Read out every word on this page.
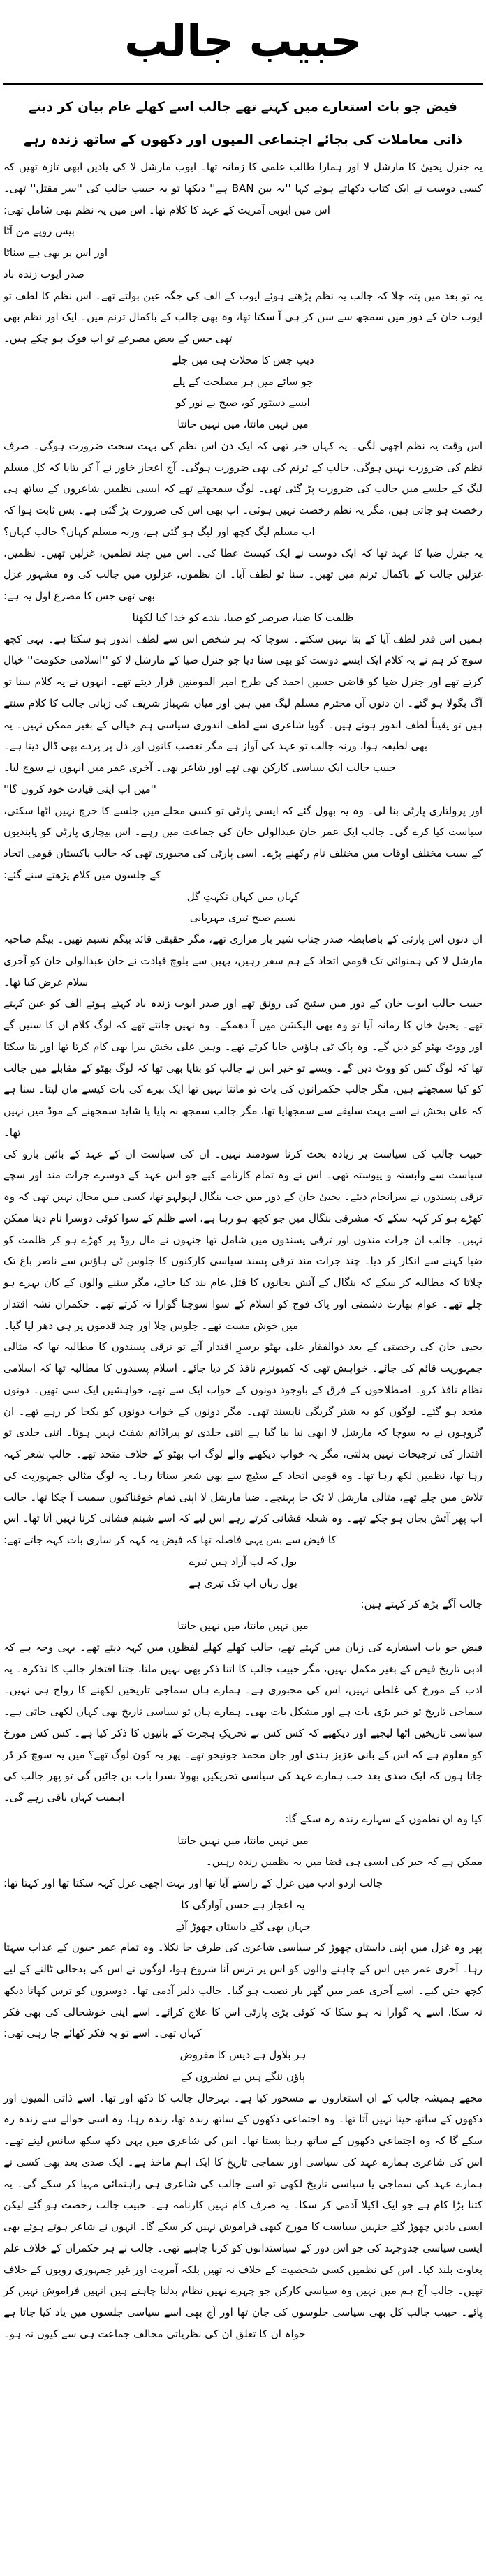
حبیب جالب

فیض جو بات استعارے میں کہتے تھے جالب اسے کھلے عام بیان کر دیتے

ذاتی معاملات کی بجائے اجتماعی المیوں اور دکھوں کے ساتھ زندہ رہے

یہ جنرل یحییٰ کا مارشل لا اور ہمارا طالب علمی کا زمانہ تھا۔ ایوب مارشل لا کی یادیں ابھی تازہ تھیں کہ کسی دوست نے ایک کتاب دکھاتے ہوئے کہا ''یہ بین BAN ہے'' دیکھا تو یہ حبیب جالب کی ''سر مقتل'' تھی۔ اس میں ایوبی آمریت کے عہد کا کلام تھا۔ اس میں یہ نظم بھی شامل تھی:

بیس روپے من آٹا
اور اس پر بھی ہے سناٹا
صدر ایوب زندہ باد

یہ تو بعد میں پتہ چلا کہ جالب یہ نظم پڑھتے ہوئے ایوب کے الف کی جگہ عین بولتے تھے۔ اس نظم کا لطف تو ایوب خان کے دور میں سمجھ سے سن کر ہی آ سکتا تھا، وہ بھی جالب کے باکمال ترنم میں۔ ایک اور نظم بھی تھی جس کے بعض مصرعے تو اب فوک ہو چکے ہیں۔

دیپ جس کا محلات ہی میں جلے
جو سائے میں ہر مصلحت کے پلے
ایسے دستور کو، صبح بے نور کو
میں نہیں مانتا، میں نہیں جانتا

اس وقت یہ نظم اچھی لگی۔ یہ کہاں خبر تھی کہ ایک دن اس نظم کی بہت سخت ضرورت ہوگی۔ صرف نظم کی ضرورت نہیں ہوگی، جالب کے ترنم کی بھی ضرورت ہوگی۔ آج اعجاز خاور نے آ کر بتایا کہ کل مسلم لیگ کے جلسے میں جالب کی ضرورت پڑ گئی تھی۔ لوگ سمجھتے تھے کہ ایسی نظمیں شاعروں کے ساتھ ہی رخصت ہو جاتی ہیں، مگر یہ نظم رخصت نہیں ہوئی۔ اب بھی اس کی ضرورت پڑ گئی ہے۔ بس ثابت ہوا کہ اب مسلم لیگ کچھ اور لیگ ہو گئی ہے، ورنہ مسلم کہاں؟ جالب کہاں؟

یہ جنرل ضیا کا عہد تھا کہ ایک دوست نے ایک کیسٹ عطا کی۔ اس میں چند نظمیں، غزلیں تھیں۔ نظمیں، غزلیں جالب کے باکمال ترنم میں تھیں۔ سنا تو لطف آیا۔ ان نظموں، غزلوں میں جالب کی وہ مشہور غزل بھی تھی جس کا مصرع اول یہ ہے:

ظلمت کا ضیا، صرصر کو صبا، بندے کو خدا کیا لکھنا

ہمیں اس قدر لطف آیا کے بتا نہیں سکتے۔ سوچا کہ ہر شخص اس سے لطف اندوز ہو سکتا ہے۔ یہی کچھ سوچ کر ہم نے یہ کلام ایک ایسے دوست کو بھی سنا دیا جو جنرل ضیا کے مارشل لا کو ''اسلامی حکومت'' خیال کرتے تھے اور جنرل ضیا کو قاضی حسین احمد کی طرح امیر المومنین قرار دیتے تھے۔ انہوں نے یہ کلام سنا تو آگ بگولا ہو گئے۔ ان دنوں آں محترم مسلم لیگ میں ہیں اور میاں شہباز شریف کی زبانی جالب کا کلام سنتے ہیں تو یقیناً لطف اندوز ہوتے ہیں۔ گویا شاعری سے لطف اندوزی سیاسی ہم خیالی کے بغیر ممکن نہیں۔ یہ بھی لطیفہ ہوا، ورنہ جالب تو عہد کی آواز ہے مگر تعصب کانوں اور دل پر پردے بھی ڈال دیتا ہے۔

حبیب جالب ایک سیاسی کارکن بھی تھے اور شاعر بھی۔ آخری عمر میں انہوں نے سوچ لیا۔

''میں اب اپنی قیادت خود کروں گا''

اور پرولتاری پارٹی بنا لی۔ وہ یہ بھول گئے کہ ایسی پارٹی تو کسی محلے میں جلسے کا خرچ نہیں اٹھا سکتی، سیاست کیا کرے گی۔ جالب ایک عمر خان عبدالولی خان کی جماعت میں رہے۔ اس بیچاری پارٹی کو پابندیوں کے سبب مختلف اوقات میں مختلف نام رکھنے پڑے۔ اسی پارٹی کی مجبوری تھی کہ جالب پاکستان قومی اتحاد کے جلسوں میں کلام پڑھتے سنے گئے:

کہاں میں کہاں نکہتِ گل
نسیم صبح تیری مہربانی

ان دنوں اس پارٹی کے باضابطہ صدر جناب شیر باز مزاری تھے، مگر حقیقی قائد بیگم نسیم تھیں۔ بیگم صاحبہ مارشل لا کی ہمنوائی تک قومی اتحاد کے ہم سفر رہیں، یہیں سے بلوچ قیادت نے خان عبدالولی خان کو آخری سلام عرض کیا تھا۔

حبیب جالب ایوب خان کے دور میں سٹیج کی رونق تھے اور صدر ایوب زندہ باد کہتے ہوئے الف کو عین کہتے تھے۔ یحییٰ خان کا زمانہ آیا تو وہ بھی الیکشن میں آ دھمکے۔ وہ نہیں جانتے تھے کہ لوگ کلام ان کا سنیں گے اور ووٹ بھٹو کو دیں گے۔ وہ پاک ٹی ہاؤس جایا کرتے تھے۔ وہیں علی بخش بیرا بھی کام کرتا تھا اور بتا سکتا تھا کہ لوگ کس کو ووٹ دیں گے۔ ویسے تو خیر اس نے جالب کو بتایا بھی تھا کہ لوگ بھٹو کے مقابلے میں جالب کو کیا سمجھتے ہیں، مگر جالب حکمرانوں کی بات تو مانتا نہیں تھا ایک بیرے کی بات کیسے مان لیتا۔ سنا ہے کہ علی بخش نے اسے بہت سلیقے سے سمجھایا تھا، مگر جالب سمجھ نہ پایا یا شاید سمجھنے کے موڈ میں نہیں تھا۔

حبیب جالب کی سیاست پر زیادہ بحث کرنا سودمند نہیں۔ ان کی سیاست ان کے عہد کے بائیں بازو کی سیاست سے وابستہ و پیوستہ تھی۔ اس نے وہ تمام کارنامے کیے جو اس عہد کے دوسرے جرات مند اور سچے ترقی پسندوں نے سرانجام دیئے۔ یحییٰ خان کے دور میں جب بنگال لہولہو تھا، کسی میں مجال نہیں تھی کہ وہ کھڑے ہو کر کہہ سکے کہ مشرقی بنگال میں جو کچھ ہو رہا ہے، اسے ظلم کے سوا کوئی دوسرا نام دینا ممکن نہیں۔ جالب ان جرات مندوں اور ترقی پسندوں میں شامل تھا جنہوں نے مال روڈ پر کھڑے ہو کر ظلمت کو ضیا کہنے سے انکار کر دیا۔ چند جرات مند ترقی پسند سیاسی کارکنوں کا جلوس ٹی ہاؤس سے ناصر باغ تک چلاتا کہ مطالبہ کر سکے کہ بنگال کے آتش بجانوں کا قتل عام بند کیا جائے، مگر سننے والوں کے کان بہرے ہو چلے تھے۔ عوام بھارت دشمنی اور پاک فوج کو اسلام کے سوا سوچنا گوارا نہ کرتے تھے۔ حکمران نشہ اقتدار میں خوش مست تھے۔ جلوس چلا اور چند قدموں پر ہی دھر لیا گیا۔

یحییٰ خان کی رخصتی کے بعد ذوالفقار علی بھٹو برسرِ اقتدار آئے تو ترقی پسندوں کا مطالبہ تھا کہ مثالی جمہوریت قائم کی جائے۔ خواہش تھی کہ کمیونزم نافذ کر دیا جائے۔ اسلام پسندوں کا مطالبہ تھا کہ اسلامی نظام نافذ کرو۔ اصطلاحوں کے فرق کے باوجود دونوں کے خواب ایک سے تھے، خواہشیں ایک سی تھیں۔ دونوں متحد ہو گئے۔ لوگوں کو یہ شتر گربگی ناپسند تھی۔ مگر دونوں کے خواب دونوں کو یکجا کر رہے تھے۔ ان گروہوں نے یہ سوچا کہ مارشل لا ابھی نیا نیا گیا ہے اتنی جلدی تو پیراڈائم شفٹ نہیں ہوتا۔ اتنی جلدی تو اقتدار کی ترجیحات نہیں بدلتی، مگر یہ خواب دیکھنے والے لوگ اب بھٹو کے خلاف متحد تھے۔ جالب شعر کہہ رہا تھا، نظمیں لکھ رہا تھا۔ وہ قومی اتحاد کے سٹیج سے بھی شعر سناتا رہا۔ یہ لوگ مثالی جمہوریت کی تلاش میں چلے تھے، مثالی مارشل لا تک جا پہنچے۔ ضیا مارشل لا اپنی تمام خوفناکیوں سمیت آ چکا تھا۔ جالب اب پھر آتش بجاں ہو چکے تھے۔ وہ شعلہ فشانی کرتے رہے اس لیے کہ اسے شبنم فشانی کرنا نہیں آتا تھا۔ اس کا فیض سے بس یہی فاصلہ تھا کہ فیض یہ کہہ کر ساری بات کہہ جاتے تھے:

بول کہ لب آزاد ہیں تیرے
بول زباں اب تک تیری ہے

جالب آگے بڑھ کر کہتے ہیں:

میں نہیں مانتا، میں نہیں جانتا

فیض جو بات استعارے کی زبان میں کہتے تھے، جالب کھلے کھلے لفظوں میں کہہ دیتے تھے۔ یہی وجہ ہے کہ ادبی تاریخ فیض کے بغیر مکمل نہیں، مگر حبیب جالب کا اتنا ذکر بھی نہیں ملتا، جتنا افتخار جالب کا تذکرہ۔ یہ ادب کے مورخ کی غلطی نہیں، اس کی مجبوری ہے۔ ہمارے ہاں سماجی تاریخیں لکھنے کا رواج ہی نہیں۔ سماجی تاریخ تو خیر بڑی بات ہے اور مشکل بات بھی۔ ہمارے ہاں تو سیاسی تاریخ بھی کہاں لکھی جاتی ہے۔ سیاسی تاریخیں اٹھا لیجیے اور دیکھیے کہ کس کس نے تحریکِ ہجرت کے بانیوں کا ذکر کیا ہے۔ کس کس مورخ کو معلوم ہے کہ اس کے بانی عزیز ہندی اور جان محمد جونیجو تھے۔ پھر یہ کون لوگ تھے؟ میں یہ سوچ کر ڈر جاتا ہوں کہ ایک صدی بعد جب ہمارے عہد کی سیاسی تحریکیں بھولا بسرا باب بن جائیں گی تو پھر جالب کی اہمیت کہاں باقی رہے گی۔

کیا وہ ان نظموں کے سہارے زندہ رہ سکے گا:

میں نہیں مانتا، میں نہیں جانتا

ممکن ہے کہ جبر کی ایسی ہی فضا میں یہ نظمیں زندہ رہیں۔

جالب اردو ادب میں غزل کے راستے آیا تھا اور بہت اچھی غزل کہہ سکتا تھا اور کہتا تھا:

یہ اعجاز ہے حسن آوارگی کا
جہاں بھی گئے داستاں چھوڑ آئے

پھر وہ غزل میں اپنی داستاں چھوڑ کر سیاسی شاعری کی طرف جا نکلا۔ وہ تمام عمر جیون کے عذاب سہتا رہا۔ آخری عمر میں اس کے چاہنے والوں کو اس پر ترس آنا شروع ہوا، لوگوں نے اس کی بدحالی ٹالنے کے لیے کچھ جتن کیے۔ اسے آخری عمر میں گھر بار نصیب ہو گیا۔ جالب دلیر آدمی تھا۔ دوسروں کو ترس کھاتا دیکھ نہ سکا، اسے یہ گوارا نہ ہو سکا کہ کوئی بڑی پارٹی اس کا علاج کرائے۔ اسے اپنی خوشحالی کی بھی فکر کہاں تھی۔ اسے تو یہ فکر کھائے جا رہی تھی:

ہر بلاول ہے دیس کا مقروض
پاؤں ننگے ہیں بے نظیروں کے

مجھے ہمیشہ جالب کے ان استعاروں نے مسحور کیا ہے۔ بہرحال جالب کا دکھ اور تھا۔ اسے ذاتی المیوں اور دکھوں کے ساتھ جینا نہیں آتا تھا۔ وہ اجتماعی دکھوں کے ساتھ زندہ تھا، زندہ رہا، وہ اسی حوالے سے زندہ رہ سکے گا کہ وہ اجتماعی دکھوں کے ساتھ رہتا بستا تھا۔ اس کی شاعری میں یہی دکھ سکھ سانس لیتے تھے۔ اس کی شاعری ہمارے عہد کی سیاسی اور سماجی تاریخ کا ایک اہم ماخذ ہے۔ ایک صدی بعد بھی کسی نے ہمارے عہد کی سماجی یا سیاسی تاریخ لکھی تو اسے جالب کی شاعری ہی راہنمائی مہیا کر سکے گی۔ یہ کتنا بڑا کام ہے جو ایک اکیلا آدمی کر سکا۔ یہ صرف کام نہیں کارنامہ ہے۔ حبیب جالب رخصت ہو گئے لیکن ایسی یادیں چھوڑ گئے جنہیں سیاست کا مورخ کبھی فراموش نہیں کر سکے گا۔ انہوں نے شاعر ہوتے ہوئے بھی ایسی سیاسی جدوجہد کی جو اس دور کے سیاستدانوں کو کرنا چاہیے تھی۔ جالب نے ہر حکمران کے خلاف علم بغاوت بلند کیا۔ اس کی نظمیں کسی شخصیت کے خلاف نہ تھیں بلکہ آمریت اور غیر جمہوری رویوں کے خلاف تھیں۔ جالب آج ہم میں نہیں وہ سیاسی کارکن جو چہرے نہیں نظام بدلنا چاہتے ہیں انہیں فراموش نہیں کر پائے۔ حبیب جالب کل بھی سیاسی جلوسوں کی جان تھا اور آج بھی اسے سیاسی جلسوں میں یاد کیا جاتا ہے خواہ ان کا تعلق ان کی نظریاتی مخالف جماعت ہی سے کیوں نہ ہو۔
